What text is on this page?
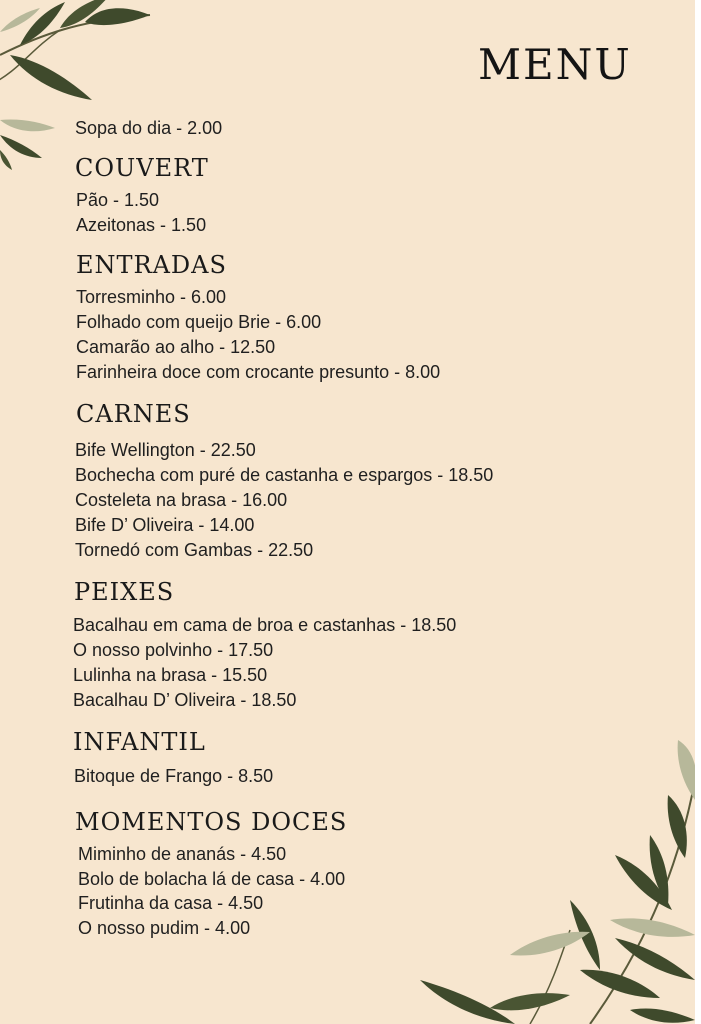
MENU
Sopa do dia - 2.00
COUVERT
Pão - 1.50
Azeitonas - 1.50
ENTRADAS
Torresminho - 6.00
Folhado com queijo Brie - 6.00
Camarão ao alho - 12.50
Farinheira doce com crocante presunto - 8.00
CARNES
Bife Wellington - 22.50
Bochecha com puré de castanha e espargos - 18.50
Costeleta na brasa - 16.00
Bife D’ Oliveira - 14.00
Tornedó com Gambas - 22.50
PEIXES
Bacalhau em cama de broa e castanhas - 18.50
O nosso polvinho - 17.50
Lulinha na brasa - 15.50
Bacalhau D’ Oliveira - 18.50
INFANTIL
Bitoque de Frango - 8.50
MOMENTOS DOCES
Miminho de ananás - 4.50
Bolo de bolacha lá de casa - 4.00
Frutinha da casa - 4.50
O nosso pudim - 4.00
